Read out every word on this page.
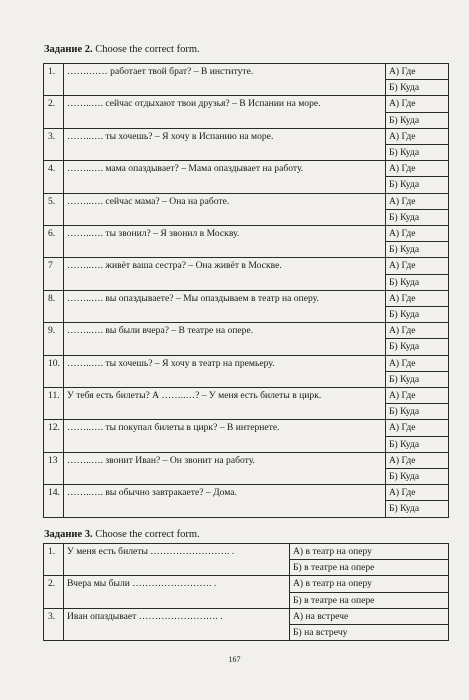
Задание 2. Choose the correct form.
1.	…….…… работает твой брат? – В институте.	А) Где
		Б) Куда
2.	……..…. сейчас отдыхают твои друзья? – В Испании на море.	А) Где
		Б) Куда
3.	……..…. ты хочешь? – Я хочу в Испанию на море.	А) Где
		Б) Куда
4.	……..…. мама опаздывает? – Мама опаздывает на работу.	А) Где
		Б) Куда
5.	……..…. сейчас мама? – Она на работе.	А) Где
		Б) Куда
6.	……..…. ты звонил? – Я звонил в Москву.	А) Где
		Б) Куда
7	……..…. живёт ваша сестра? – Она живёт в Москве.	А) Где
		Б) Куда
8.	……..…. вы опаздываете? – Мы опаздываем в театр на оперу.	А) Где
		Б) Куда
9.	……..…. вы были вчера? – В театре на опере.	А) Где
		Б) Куда
10.	……..…. ты хочешь? – Я хочу в театр на премьеру.	А) Где
		Б) Куда
11.	У тебя есть билеты? А ……..…? – У меня есть билеты в цирк.	А) Где
		Б) Куда
12.	……..…. ты покупал билеты в цирк? – В интернете.	А) Где
		Б) Куда
13	……..…. звонит Иван? – Он звонит на работу.	А) Где
		Б) Куда
14.	……..…. вы обычно завтракаете? – Дома.	А) Где
		Б) Куда
Задание 3. Choose the correct form.
1.	У меня есть билеты ……………………. .	А) в театр на оперу
		Б) в театре на опере
2.	Вчера мы были ……………………. .	А) в театр на оперу
		Б) в театре на опере
3.	Иван опаздывает ……………………. .	А) на встрече
		Б) на встречу
167
